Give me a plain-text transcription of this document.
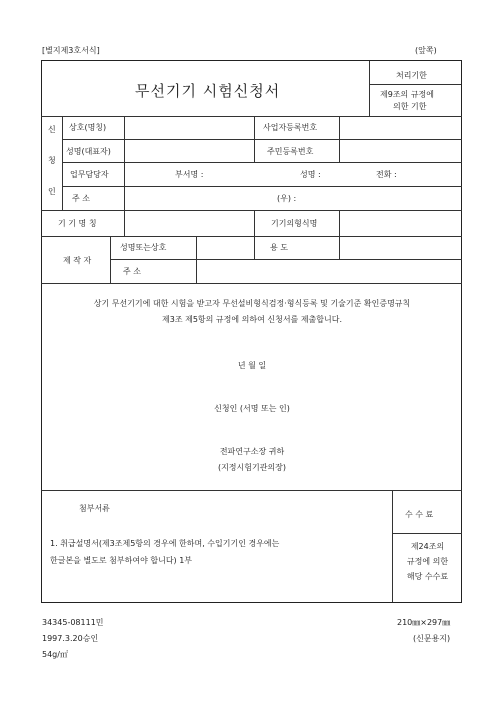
[별지제3호서식]	(앞쪽)
무선기기 시험신청서
처리기한
제9조의 규정에
의한 기한
신
청
인
상호(명칭)	사업자등록번호
성명(대표자)	주민등록번호
업무담당자	부서명 :	성명 :	전화 :
주 소	(우) :
기 기 명 칭	기기의형식명
제 작 자
성명또는상호	용 도
주 소
상기 무선기기에 대한 시험을 받고자 무선설비형식검정·형식등록 및 기술기준 확인증명규칙
제3조 제5항의 규정에 의하여 신청서를 제출합니다.
년 월 일
신청인 (서명 또는 인)
전파연구소장 귀하
(지정시험기관의장)
첨부서류
1. 취급설명서(제3조제5항의 경우에 한하며, 수입기기인 경우에는
한글본을 별도로 첨부하여야 합니다) 1부
수 수 료
제24조의
규정에 의한
해당 수수료
34345-08111민
1997.3.20승인
54g/㎡
210㎜×297㎜
(신문용지)
